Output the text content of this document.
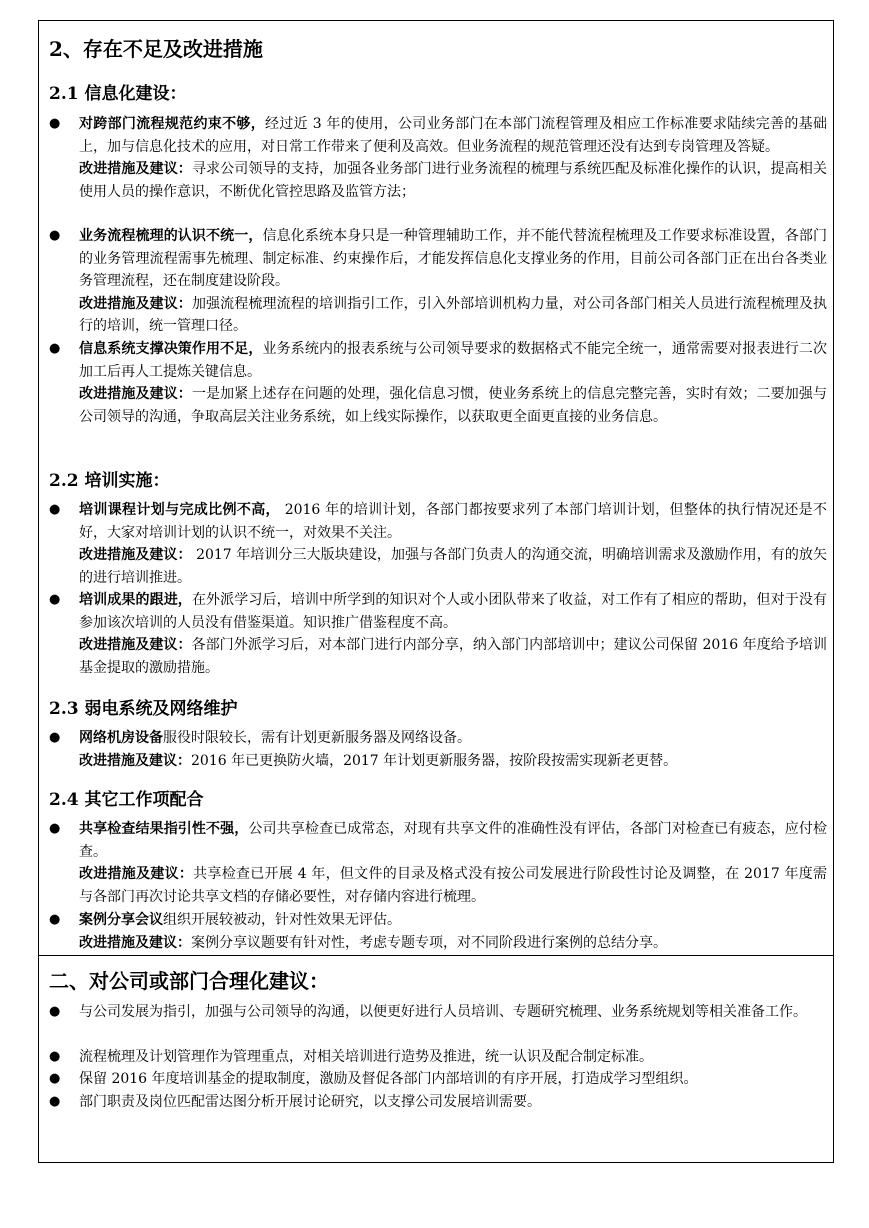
2、存在不足及改进措施
2.1 信息化建设：
● 对跨部门流程规范约束不够，经过近 3 年的使用，公司业务部门在本部门流程管理及相应工作标准要求陆续完善的基础上，加与信息化技术的应用，对日常工作带来了便利及高效。但业务流程的规范管理还没有达到专岗管理及答疑。
改进措施及建议：寻求公司领导的支持，加强各业务部门进行业务流程的梳理与系统匹配及标准化操作的认识，提高相关使用人员的操作意识，不断优化管控思路及监管方法；
● 业务流程梳理的认识不统一，信息化系统本身只是一种管理辅助工作，并不能代替流程梳理及工作要求标准设置，各部门的业务管理流程需事先梳理、制定标准、约束操作后，才能发挥信息化支撑业务的作用，目前公司各部门正在出台各类业务管理流程，还在制度建设阶段。
改进措施及建议：加强流程梳理流程的培训指引工作，引入外部培训机构力量，对公司各部门相关人员进行流程梳理及执行的培训，统一管理口径。
● 信息系统支撑决策作用不足，业务系统内的报表系统与公司领导要求的数据格式不能完全统一，通常需要对报表进行二次加工后再人工提炼关键信息。
改进措施及建议：一是加紧上述存在问题的处理，强化信息习惯，使业务系统上的信息完整完善，实时有效；二要加强与公司领导的沟通，争取高层关注业务系统，如上线实际操作，以获取更全面更直接的业务信息。
2.2 培训实施：
● 培训课程计划与完成比例不高， 2016 年的培训计划，各部门都按要求列了本部门培训计划，但整体的执行情况还是不好，大家对培训计划的认识不统一，对效果不关注。
改进措施及建议： 2017 年培训分三大版块建设，加强与各部门负责人的沟通交流，明确培训需求及激励作用，有的放矢的进行培训推进。
● 培训成果的跟进，在外派学习后，培训中所学到的知识对个人或小团队带来了收益，对工作有了相应的帮助，但对于没有参加该次培训的人员没有借鉴渠道。知识推广借鉴程度不高。
改进措施及建议：各部门外派学习后，对本部门进行内部分享，纳入部门内部培训中；建议公司保留 2016 年度给予培训基金提取的激励措施。
2.3 弱电系统及网络维护
● 网络机房设备服役时限较长，需有计划更新服务器及网络设备。
改进措施及建议：2016 年已更换防火墙，2017 年计划更新服务器，按阶段按需实现新老更替。
2.4 其它工作项配合
● 共享检查结果指引性不强，公司共享检查已成常态，对现有共享文件的准确性没有评估，各部门对检查已有疲态，应付检查。
改进措施及建议：共享检查已开展 4 年，但文件的目录及格式没有按公司发展进行阶段性讨论及调整，在 2017 年度需与各部门再次讨论共享文档的存储必要性，对存储内容进行梳理。
● 案例分享会议组织开展较被动，针对性效果无评估。
改进措施及建议：案例分享议题要有针对性，考虑专题专项，对不同阶段进行案例的总结分享。
二、对公司或部门合理化建议：
● 与公司发展为指引，加强与公司领导的沟通，以便更好进行人员培训、专题研究梳理、业务系统规划等相关准备工作。
● 流程梳理及计划管理作为管理重点，对相关培训进行造势及推进，统一认识及配合制定标准。
● 保留 2016 年度培训基金的提取制度，激励及督促各部门内部培训的有序开展，打造成学习型组织。
● 部门职责及岗位匹配雷达图分析开展讨论研究，以支撑公司发展培训需要。
